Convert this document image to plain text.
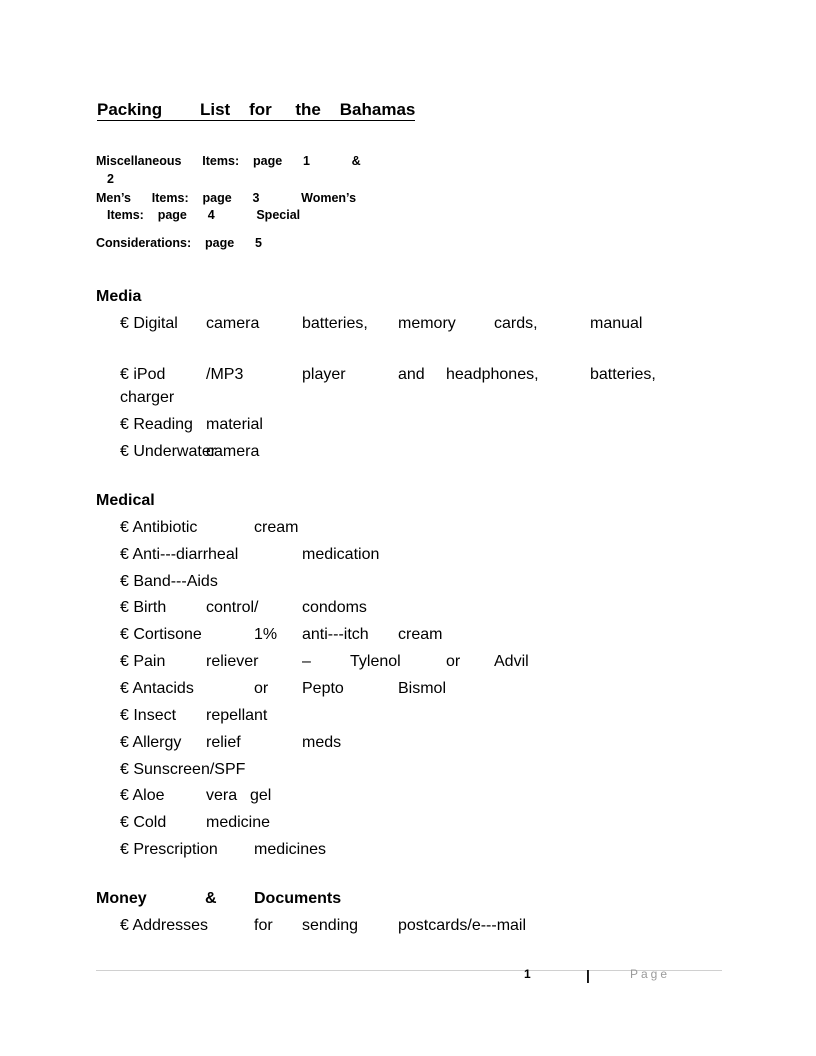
Packing        List    for     the    Bahamas
Miscellaneous      Items:    page      1            &
2
Men’s      Items:    page      3            Women’s
Items:    page      4            Special
Considerations:    page      5
Media
€ Digital camera	batteries, memory cards,	manual
€ iPod	/MP3	player	and headphones,	batteries,
charger
€ Reading material
€ Underwater
camera
Medical
€ Antibiotic	cream
€ Anti---diarrheal	medication
€ Band---Aids
€ Birth control/	condoms
€ Cortisone	1% anti---itch cream
€ Pain	reliever	– Tylenol	or Advil
€ Antacids	or Pepto	Bismol
€ Insect repellant
€ Allergy relief	meds
€ Sunscreen/SPF
€ Aloe	vera gel
€ Cold medicine
€ Prescription medicines
Money	& Documents
€ Addresses	for sending postcards/e---mail
1	|	Page
